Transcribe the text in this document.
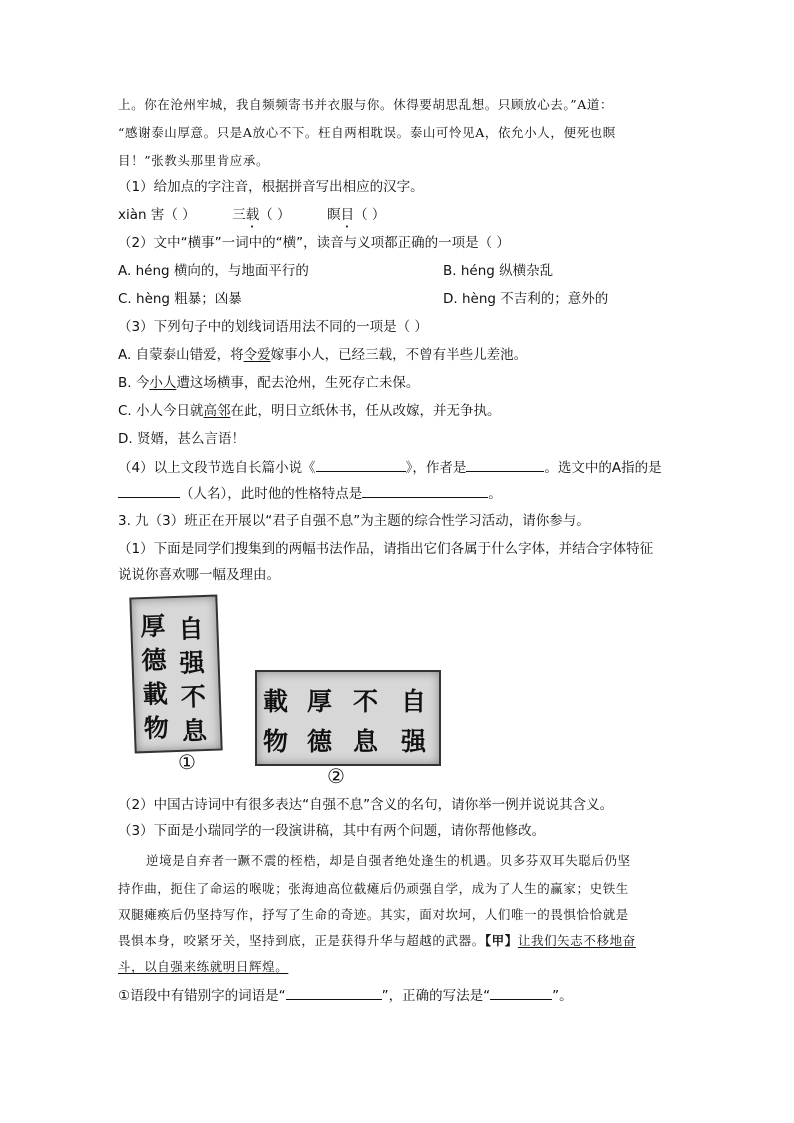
上。你在沧州牢城，我自频频寄书并衣服与你。休得要胡思乱想。只顾放心去。”A道：
“感谢泰山厚意。只是A放心不下。枉自两相耽误。泰山可怜见A，依允小人，便死也瞑
目！”张教头那里肯应承。
（1）给加点的字注音，根据拼音写出相应的汉字。
xiàn 害（ ）	三载（ ）	瞑目（ ）
（2）文中“横事”一词中的“横”，读音与义项都正确的一项是（ ）
A. héng 横向的，与地面平行的	B. héng 纵横杂乱
C. hèng 粗暴；凶暴	D. hèng 不吉利的；意外的
（3）下列句子中的划线词语用法不同的一项是（ ）
A. 自蒙泰山错爱，将令爱嫁事小人，已经三载，不曾有半些儿差池。
B. 今小人遭这场横事，配去沧州，生死存亡未保。
C. 小人今日就高邻在此，明日立纸休书，任从改嫁，并无争执。
D. 贤婿，甚么言语！
（4）以上文段节选自长篇小说《	》，作者是	。选文中的A指的是
（人名），此时他的性格特点是	。
3. 九（3）班正在开展以“君子自强不息”为主题的综合性学习活动，请你参与。
（1）下面是同学们搜集到的两幅书法作品，请指出它们各属于什么字体，并结合字体特征
说说你喜欢哪一幅及理由。
厚
德
載
物
自
强
不
息
①
載 厚 不 自
物 德 息 强
②
（2）中国古诗词中有很多表达“自强不息”含义的名句，请你举一例并说说其含义。
（3）下面是小瑞同学的一段演讲稿，其中有两个问题，请你帮他修改。
逆境是自弃者一蹶不震的桎梏，却是自强者绝处逢生的机遇。贝多芬双耳失聪后仍坚
持作曲，扼住了命运的喉咙；张海迪高位截瘫后仍顽强自学，成为了人生的赢家；史铁生
双腿瘫痪后仍坚持写作，抒写了生命的奇迹。其实，面对坎坷，人们唯一的畏惧恰恰就是
畏惧本身，咬紧牙关，坚持到底，正是获得升华与超越的武器。【甲】让我们矢志不移地奋
斗，以自强来练就明日辉煌。
①语段中有错别字的词语是“	”，正确的写法是“	”。
